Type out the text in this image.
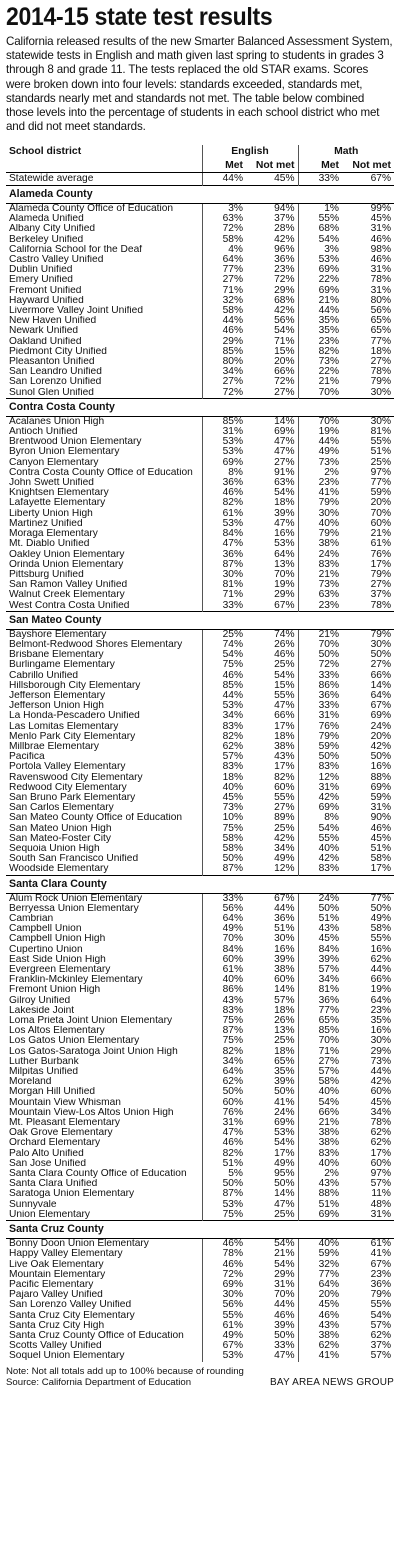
2014-15 state test results

California released results of the new Smarter Balanced Assessment System, statewide tests in English and math given last spring to students in grades 3 through 8 and grade 11. The tests replaced the old STAR exams. Scores were broken down into four levels: standards exceeded, standards met, standards nearly met and standards not met. The table below combined those levels into the percentage of students in each school district who met and did not meet standards.

School district	English		Math	
	Met	Not met	Met	Not met
Statewide average	44%	45%	33%	67%
Alameda County				
Alameda County Office of Education	3%	94%	1%	99%
Alameda Unified	63%	37%	55%	45%
Albany City Unified	72%	28%	68%	31%
Berkeley Unified	58%	42%	54%	46%
California School for the Deaf	4%	96%	3%	98%
Castro Valley Unified	64%	36%	53%	46%
Dublin Unified	77%	23%	69%	31%
Emery Unified	27%	72%	22%	78%
Fremont Unified	71%	29%	69%	31%
Hayward Unified	32%	68%	21%	80%
Livermore Valley Joint Unified	58%	42%	44%	56%
New Haven Unified	44%	56%	35%	65%
Newark Unified	46%	54%	35%	65%
Oakland Unified	29%	71%	23%	77%
Piedmont City Unified	85%	15%	82%	18%
Pleasanton Unified	80%	20%	73%	27%
San Leandro Unified	34%	66%	22%	78%
San Lorenzo Unified	27%	72%	21%	79%
Sunol Glen Unified	72%	27%	70%	30%
Contra Costa County				
Acalanes Union High	85%	14%	70%	30%
Antioch Unified	31%	69%	19%	81%
Brentwood Union Elementary	53%	47%	44%	55%
Byron Union Elementary	53%	47%	49%	51%
Canyon Elementary	69%	27%	73%	25%
Contra Costa County Office of Education	8%	91%	2%	97%
John Swett Unified	36%	63%	23%	77%
Knightsen Elementary	46%	54%	41%	59%
Lafayette Elementary	82%	18%	79%	20%
Liberty Union High	61%	39%	30%	70%
Martinez Unified	53%	47%	40%	60%
Moraga Elementary	84%	16%	79%	21%
Mt. Diablo Unified	47%	53%	38%	61%
Oakley Union Elementary	36%	64%	24%	76%
Orinda Union Elementary	87%	13%	83%	17%
Pittsburg Unified	30%	70%	21%	79%
San Ramon Valley Unified	81%	19%	73%	27%
Walnut Creek Elementary	71%	29%	63%	37%
West Contra Costa Unified	33%	67%	23%	78%
San Mateo County				
Bayshore Elementary	25%	74%	21%	79%
Belmont-Redwood Shores Elementary	74%	26%	70%	30%
Brisbane Elementary	54%	46%	50%	50%
Burlingame Elementary	75%	25%	72%	27%
Cabrillo Unified	46%	54%	33%	66%
Hillsborough City Elementary	85%	15%	86%	14%
Jefferson Elementary	44%	55%	36%	64%
Jefferson Union High	53%	47%	33%	67%
La Honda-Pescadero Unified	34%	66%	31%	69%
Las Lomitas Elementary	83%	17%	76%	24%
Menlo Park City Elementary	82%	18%	79%	20%
Millbrae Elementary	62%	38%	59%	42%
Pacifica	57%	43%	50%	50%
Portola Valley Elementary	83%	17%	83%	16%
Ravenswood City Elementary	18%	82%	12%	88%
Redwood City Elementary	40%	60%	31%	69%
San Bruno Park Elementary	45%	55%	42%	59%
San Carlos Elementary	73%	27%	69%	31%
San Mateo County Office of Education	10%	89%	8%	90%
San Mateo Union High	75%	25%	54%	46%
San Mateo-Foster City	58%	42%	55%	45%
Sequoia Union High	58%	34%	40%	51%
South San Francisco Unified	50%	49%	42%	58%
Woodside Elementary	87%	12%	83%	17%
Santa Clara County				
Alum Rock Union Elementary	33%	67%	24%	77%
Berryessa Union Elementary	56%	44%	50%	50%
Cambrian	64%	36%	51%	49%
Campbell Union	49%	51%	43%	58%
Campbell Union High	70%	30%	45%	55%
Cupertino Union	84%	16%	84%	16%
East Side Union High	60%	39%	39%	62%
Evergreen Elementary	61%	38%	57%	44%
Franklin-Mckinley Elementary	40%	60%	34%	66%
Fremont Union High	86%	14%	81%	19%
Gilroy Unified	43%	57%	36%	64%
Lakeside Joint	83%	18%	77%	23%
Loma Prieta Joint Union Elementary	75%	26%	65%	35%
Los Altos Elementary	87%	13%	85%	16%
Los Gatos Union Elementary	75%	25%	70%	30%
Los Gatos-Saratoga Joint Union High	82%	18%	71%	29%
Luther Burbank	34%	65%	27%	73%
Milpitas Unified	64%	35%	57%	44%
Moreland	62%	39%	58%	42%
Morgan Hill Unified	50%	50%	40%	60%
Mountain View Whisman	60%	41%	54%	45%
Mountain View-Los Altos Union High	76%	24%	66%	34%
Mt. Pleasant Elementary	31%	69%	21%	78%
Oak Grove Elementary	47%	53%	38%	62%
Orchard Elementary	46%	54%	38%	62%
Palo Alto Unified	82%	17%	83%	17%
San Jose Unified	51%	49%	40%	60%
Santa Clara County Office of Education	5%	95%	2%	97%
Santa Clara Unified	50%	50%	43%	57%
Saratoga Union Elementary	87%	14%	88%	11%
Sunnyvale	53%	47%	51%	48%
Union Elementary	75%	25%	69%	31%
Santa Cruz County				
Bonny Doon Union Elementary	46%	54%	40%	61%
Happy Valley Elementary	78%	21%	59%	41%
Live Oak Elementary	46%	54%	32%	67%
Mountain Elementary	72%	29%	77%	23%
Pacific Elementary	69%	31%	64%	36%
Pajaro Valley Unified	30%	70%	20%	79%
San Lorenzo Valley Unified	56%	44%	45%	55%
Santa Cruz City Elementary	55%	46%	46%	54%
Santa Cruz City High	61%	39%	43%	57%
Santa Cruz County Office of Education	49%	50%	38%	62%
Scotts Valley Unified	67%	33%	62%	37%
Soquel Union Elementary	53%	47%	41%	57%
Note: Not all totals add up to 100% because of rounding
Source: California Department of Education	BAY AREA NEWS GROUP
